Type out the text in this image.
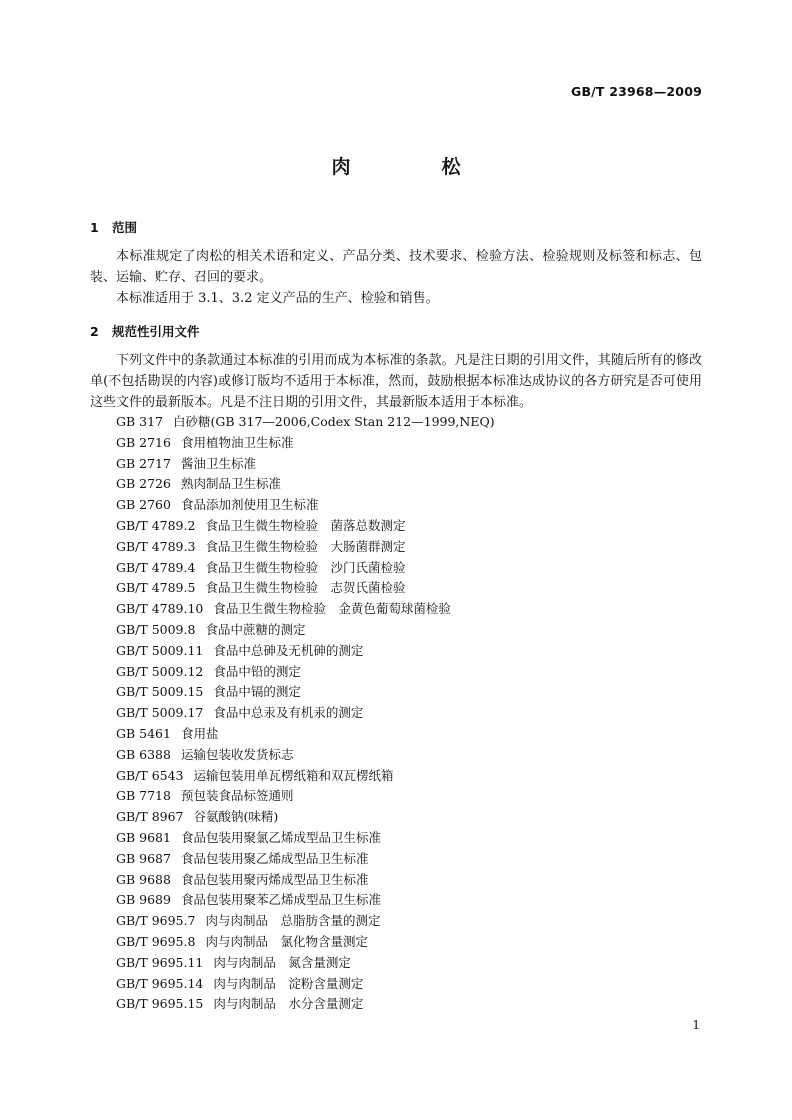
GB/T 23968—2009
肉　松
1 范围
本标准规定了肉松的相关术语和定义、产品分类、技术要求、检验方法、检验规则及标签和标志、包装、运输、贮存、召回的要求。
本标准适用于 3.1、3.2 定义产品的生产、检验和销售。
2 规范性引用文件
下列文件中的条款通过本标准的引用而成为本标准的条款。凡是注日期的引用文件，其随后所有的修改单(不包括勘误的内容)或修订版均不适用于本标准，然而，鼓励根据本标准达成协议的各方研究是否可使用这些文件的最新版本。凡是不注日期的引用文件，其最新版本适用于本标准。
GB 317 白砂糖(GB 317—2006,Codex Stan 212—1999,NEQ)
GB 2716 食用植物油卫生标准
GB 2717 酱油卫生标准
GB 2726 熟肉制品卫生标准
GB 2760 食品添加剂使用卫生标准
GB/T 4789.2 食品卫生微生物检验　菌落总数测定
GB/T 4789.3 食品卫生微生物检验　大肠菌群测定
GB/T 4789.4 食品卫生微生物检验　沙门氏菌检验
GB/T 4789.5 食品卫生微生物检验　志贺氏菌检验
GB/T 4789.10 食品卫生微生物检验　金黄色葡萄球菌检验
GB/T 5009.8 食品中蔗糖的测定
GB/T 5009.11 食品中总砷及无机砷的测定
GB/T 5009.12 食品中铅的测定
GB/T 5009.15 食品中镉的测定
GB/T 5009.17 食品中总汞及有机汞的测定
GB 5461 食用盐
GB 6388 运输包装收发货标志
GB/T 6543 运输包装用单瓦楞纸箱和双瓦楞纸箱
GB 7718 预包装食品标签通则
GB/T 8967 谷氨酸钠(味精)
GB 9681 食品包装用聚氯乙烯成型品卫生标准
GB 9687 食品包装用聚乙烯成型品卫生标准
GB 9688 食品包装用聚丙烯成型品卫生标准
GB 9689 食品包装用聚苯乙烯成型品卫生标准
GB/T 9695.7 肉与肉制品　总脂肪含量的测定
GB/T 9695.8 肉与肉制品　氯化物含量测定
GB/T 9695.11 肉与肉制品　氮含量测定
GB/T 9695.14 肉与肉制品　淀粉含量测定
GB/T 9695.15 肉与肉制品　水分含量测定
1
